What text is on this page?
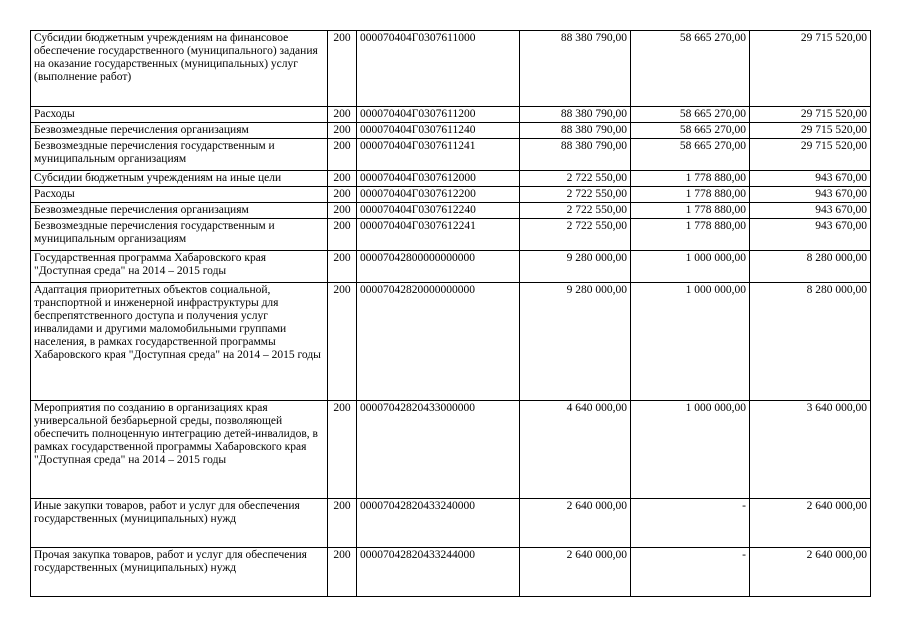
Субсидии бюджетным учреждениям на финансовое обеспечение государственного (муниципального) задания на оказание государственных (муниципальных) услуг (выполнение работ)	200	000070404Г0307611000	88 380 790,00	58 665 270,00	29 715 520,00
Расходы	200	000070404Г0307611200	88 380 790,00	58 665 270,00	29 715 520,00
Безвозмездные перечисления организациям	200	000070404Г0307611240	88 380 790,00	58 665 270,00	29 715 520,00
Безвозмездные перечисления государственным и муниципальным организациям	200	000070404Г0307611241	88 380 790,00	58 665 270,00	29 715 520,00
Субсидии бюджетным учреждениям на иные цели	200	000070404Г0307612000	2 722 550,00	1 778 880,00	943 670,00
Расходы	200	000070404Г0307612200	2 722 550,00	1 778 880,00	943 670,00
Безвозмездные перечисления организациям	200	000070404Г0307612240	2 722 550,00	1 778 880,00	943 670,00
Безвозмездные перечисления государственным и муниципальным организациям	200	000070404Г0307612241	2 722 550,00	1 778 880,00	943 670,00
Государственная программа Хабаровского края "Доступная среда" на 2014 – 2015 годы	200	00007042800000000000	9 280 000,00	1 000 000,00	8 280 000,00
Адаптация приоритетных объектов социальной, транспортной и инженерной инфраструктуры для беспрепятственного доступа и получения услуг инвалидами и другими маломобильными группами населения, в рамках государственной программы Хабаровского края "Доступная среда" на 2014 – 2015 годы	200	00007042820000000000	9 280 000,00	1 000 000,00	8 280 000,00
Мероприятия по созданию в организациях края универсальной безбарьерной среды, позволяющей обеспечить полноценную интеграцию детей-инвалидов, в рамках государственной программы Хабаровского края "Доступная среда" на 2014 – 2015 годы	200	00007042820433000000	4 640 000,00	1 000 000,00	3 640 000,00
Иные закупки товаров, работ и услуг для обеспечения государственных (муниципальных) нужд	200	00007042820433240000	2 640 000,00	-	2 640 000,00
Прочая закупка товаров, работ и услуг для обеспечения государственных (муниципальных) нужд	200	00007042820433244000	2 640 000,00	-	2 640 000,00
